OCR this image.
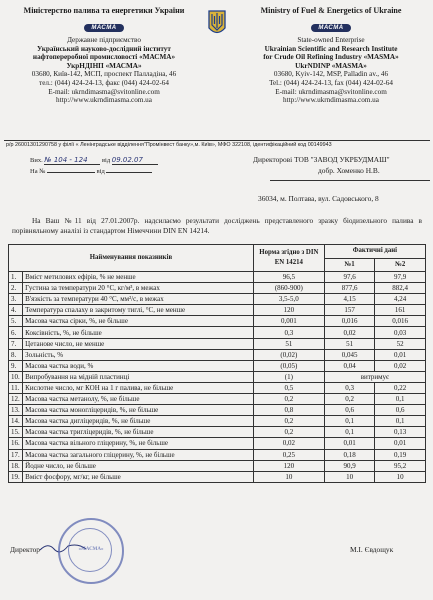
Міністерство палива та енергетики України
МАСМА
Державне підприємство
Український науково-дослідний інститут
нафтопереробної промисловості «МАСМА»
УкрНДІНП «МАСМА»
03680, Київ-142, МСП, проспект Палладіна, 46
тел.: (044) 424-24-13, факс (044) 424-02-64
E-mail: ukrndimasma@svitonline.com
http://www.ukrndimasma.com.ua
Ministry of Fuel & Energetics of Ukraine
МАСМА
State-owned Enterprise
Ukrainian Scientific and Research Institute
for Crude Oil Refining Industry «MASMA»
UkrNDINP «MASMA»
03680, Kyiv-142, MSP, Palladin av., 46
Tel.: (044) 424-24-13, fax (044) 424-02-64
E-mail: ukrndimasma@svitonline.com
http://www.ukrndimasma.com.ua
р/р 26001301290758 у філії « Ленінградське відділення"Промінвест банку»,м. Київ», МФО 322108, ідентифікаційний код 00149943
Вих. № 104 - 124 від 09.02.07
На №	від
Директорові ТОВ "ЗАВОД УКРБУДМАШ"
добр. Хоменко Н.В.
36034, м. Полтава, вул. Садовського, 8
На Ваш №11 від 27.01.2007р. надсилаємо результати досліджень представленого зразку біодизельного палива в порівняльному аналізі із стандартом Німеччини DIN EN 14214.
Найменування показників		Норма згідно з DIN EN 14214	Фактичні дані	
			№1	№2
1.	Вміст метилових ефірів, % не менше	96,5	97,6	97,9
2.	Густина за температури 20 °С, кг/м³, в межах	(860-900)	877,6	882,4
3.	В'язкість за температури 40 °С, мм²/с, в межах	3,5-5,0	4,15	4,24
4.	Температура спалаху в закритому тиглі, °С, не менше	120	157	161
5.	Масова частка сірки, %, не більше	0,001	0,016	0,016
6.	Коксівність, %, не більше	0,3	0,02	0,03
7.	Цетанове число, не менше	51	51	52
8.	Зольність, %	(0,02)	0,045	0,01
9.	Масова частка води, %	(0,05)	0,04	0,02
10.	Випробування на мідній пластинці	(1)	витримує	
11.	Кислотне число, мг КОН на 1 г палива, не більше	0,5	0,3	0,22
12.	Масова частка метанолу, %, не більше	0,2	0,2	0,1
13.	Масова частка моногліцеридів, %, не більше	0,8	0,6	0,6
14.	Масова частка дигліцеридів, %, не більше	0,2	0,1	0,1
15.	Масова частка тригліцеридів, %, не більше	0,2	0,1	0,13
16.	Масова частка вільного гліцерину, %, не більше	0,02	0,01	0,01
17.	Масова частка загального гліцерину, %, не більше	0,25	0,18	0,19
18.	Йодне число, не більше	120	90,9	95,2
19.	Вміст фосфору, мг/кг, не більше	10	10	10
Директор	«МАСМА»	М.І. Євдощук
